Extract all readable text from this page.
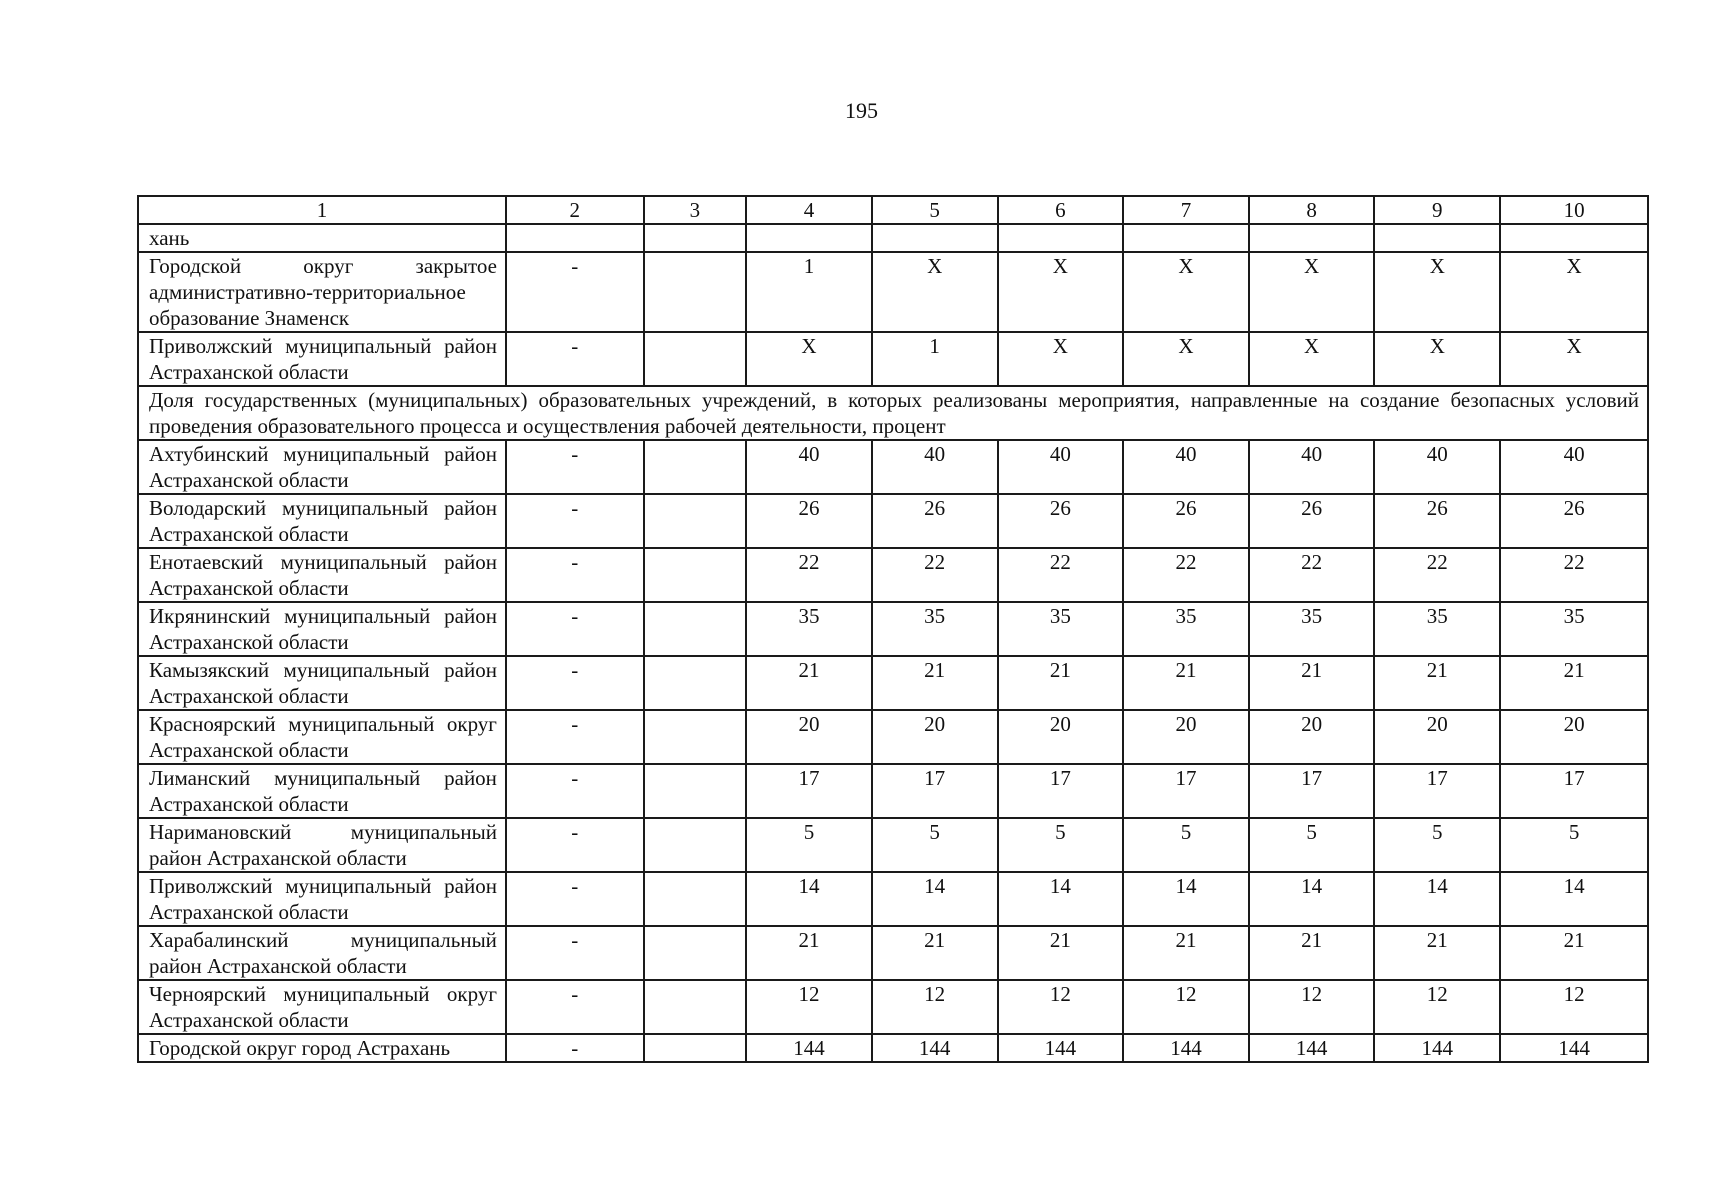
195
1	2	3	4	5	6	7	8	9	10
хань									
Городской округ закрытое административно-территориальное образование Знаменск	-		1	Х	Х	Х	Х	Х	Х
Приволжский муниципальный район Астраханской области	-		Х	1	Х	Х	Х	Х	Х
Доля государственных (муниципальных) образовательных учреждений, в которых реализованы мероприятия, направленные на создание безопасных условий проведения образовательного процесса и осуществления рабочей деятельности, процент									
Ахтубинский муниципальный район Астраханской области	-		40	40	40	40	40	40	40
Володарский муниципальный район Астраханской области	-		26	26	26	26	26	26	26
Енотаевский муниципальный район Астраханской области	-		22	22	22	22	22	22	22
Икрянинский муниципальный район Астраханской области	-		35	35	35	35	35	35	35
Камызякский муниципальный район Астраханской области	-		21	21	21	21	21	21	21
Красноярский муниципальный округ Астраханской области	-		20	20	20	20	20	20	20
Лиманский муниципальный район Астраханской области	-		17	17	17	17	17	17	17
Наримановский муниципальный район Астраханской области	-		5	5	5	5	5	5	5
Приволжский муниципальный район Астраханской области	-		14	14	14	14	14	14	14
Харабалинский муниципальный район Астраханской области	-		21	21	21	21	21	21	21
Черноярский муниципальный округ Астраханской области	-		12	12	12	12	12	12	12
Городской округ город Астрахань	-		144	144	144	144	144	144	144
